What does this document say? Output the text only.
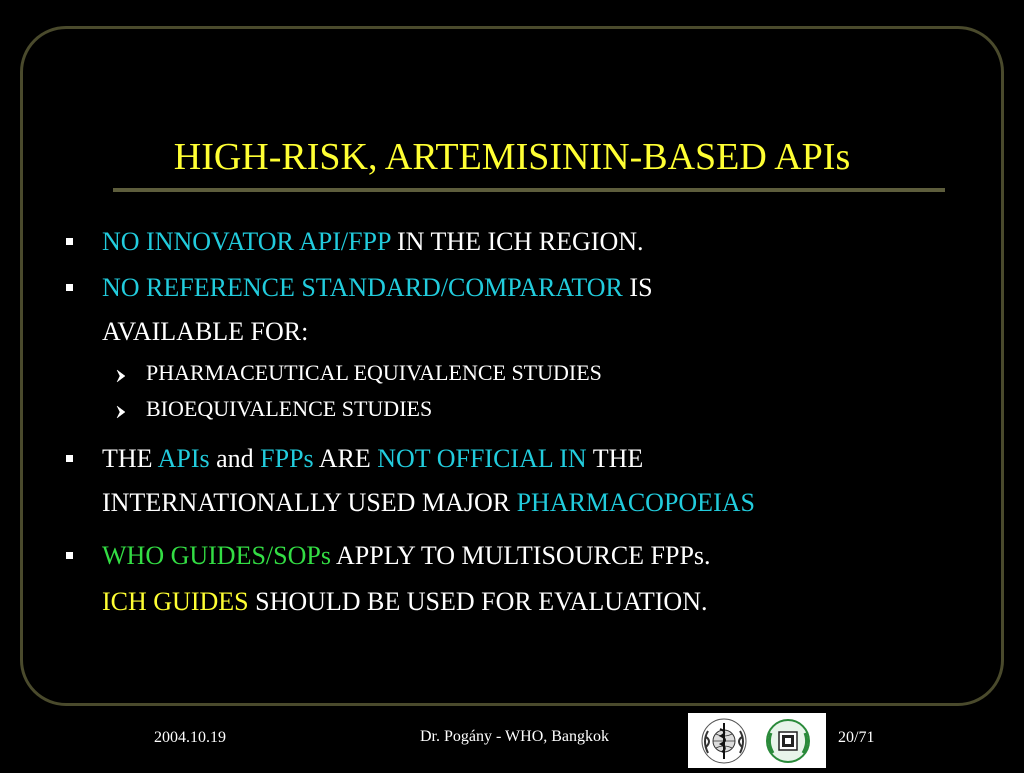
HIGH-RISK, ARTEMISININ-BASED APIs
NO INNOVATOR API/FPP IN THE ICH REGION.
NO REFERENCE STANDARD/COMPARATOR IS
AVAILABLE FOR:
PHARMACEUTICAL EQUIVALENCE STUDIES
BIOEQUIVALENCE STUDIES
THE APIs and FPPs ARE NOT OFFICIAL IN THE
INTERNATIONALLY USED MAJOR PHARMACOPOEIAS
WHO GUIDES/SOPs APPLY TO MULTISOURCE FPPs.
ICH GUIDES SHOULD BE USED FOR EVALUATION.
2004.10.19	Dr. Pogány - WHO, Bangkok	20/71
